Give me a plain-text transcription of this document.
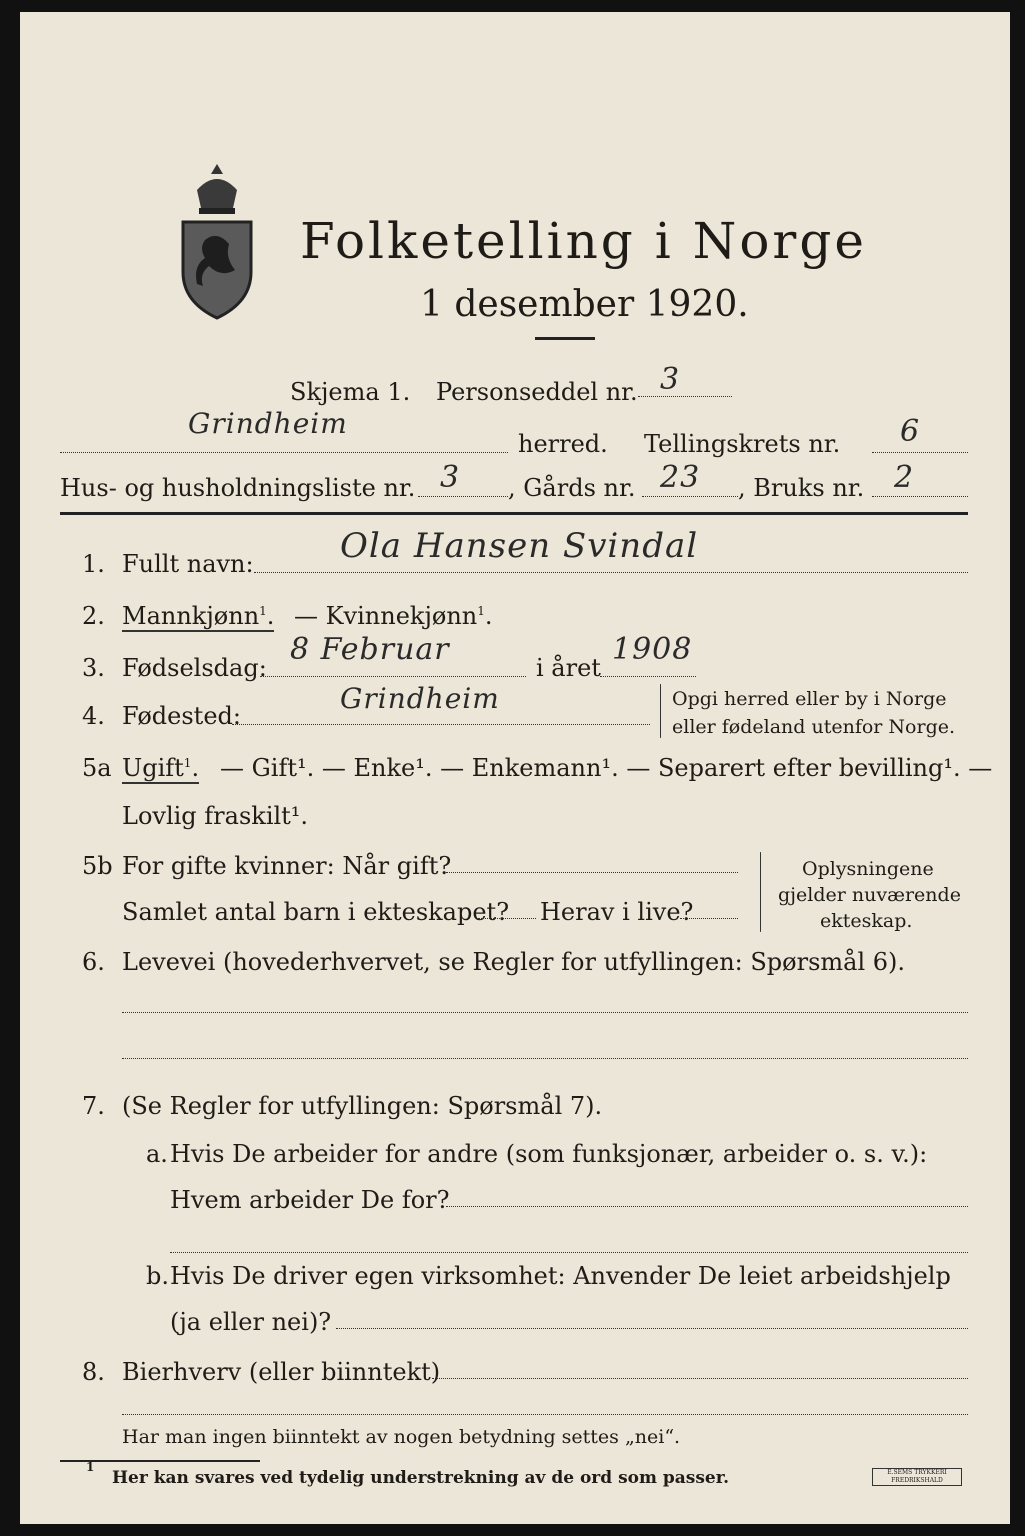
Folketelling i Norge
1 desember 1920.
Skjema 1. Personseddel nr. 3
Grindheim
herred. Tellingskrets nr. 6
Hus- og husholdningsliste nr. 3 , Gårds nr. 23 , Bruks nr. 2
1. Fullt navn:	Ola Hansen Svindal
2. Mannkjønn$^1$. — Kvinnekjønn$^1$.
3. Fødselsdag:
8 Februar
i året
1908
4. Fødested:
Grindheim	Opgi herred eller by i Norge
eller fødeland utenfor Norge.
5a Ugift$^1$. — Gift¹. — Enke¹. — Enkemann¹. — Separert efter bevilling¹. —
Lovlig fraskilt¹.
5b For gifte kvinner: Når gift?
Samlet antal barn i ekteskapet? Herav i live?
Oplysningene
gjelder nuværende
ekteskap.
6. Levevei (hovederhvervet, se Regler for utfyllingen: Spørsmål 6).
7. (Se Regler for utfyllingen: Spørsmål 7).
a. Hvis De arbeider for andre (som funksjonær, arbeider o. s. v.):
Hvem arbeider De for?
b. Hvis De driver egen virksomhet: Anvender De leiet arbeidshjelp
(ja eller nei)?
8. Bierhverv (eller biinntekt)
Har man ingen biinntekt av nogen betydning settes „nei“.
1
Her kan svares ved tydelig understrekning av de ord som passer.	E.SEMS TRYKKERI FREDRIKSHALD
